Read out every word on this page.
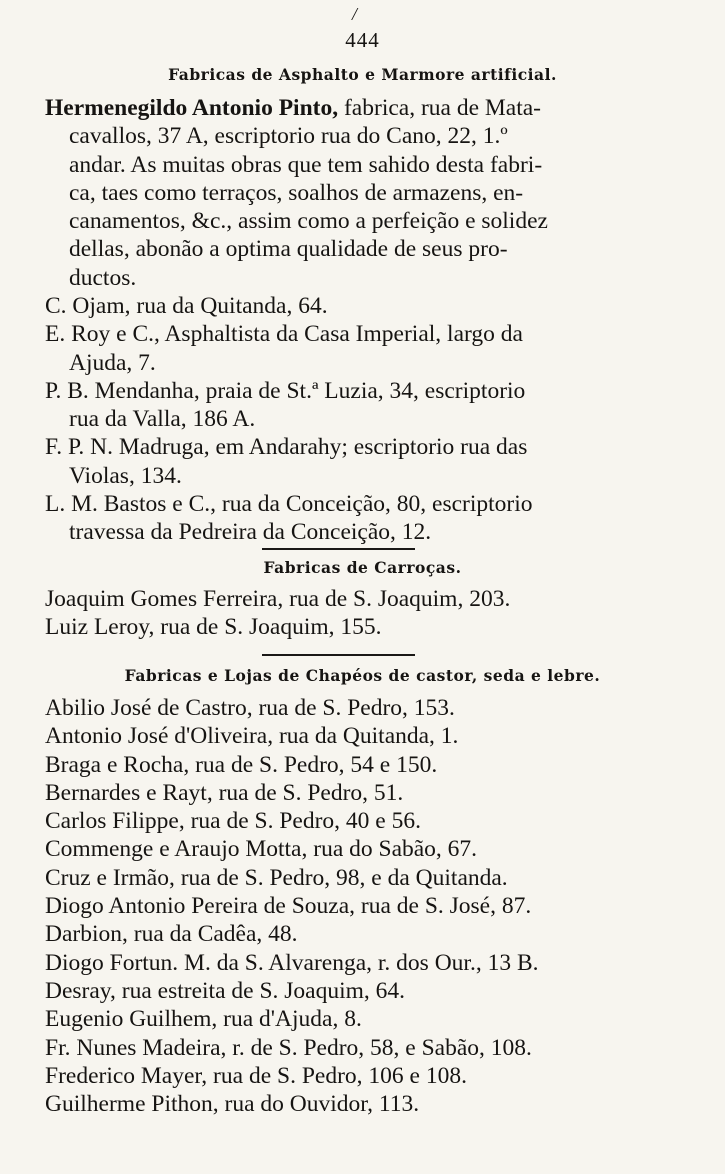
/
444
Fabricas de Asphalto e Marmore artificial.
Hermenegildo Antonio Pinto, fabrica, rua de Mata-
cavallos, 37 A, escriptorio rua do Cano, 22, 1.º
andar. As muitas obras que tem sahido desta fabri-
ca, taes como terraços, soalhos de armazens, en-
canamentos, &c., assim como a perfeição e solidez
dellas, abonão a optima qualidade de seus pro-
ductos.
C. Ojam, rua da Quitanda, 64.
E. Roy e C., Asphaltista da Casa Imperial, largo da
Ajuda, 7.
P. B. Mendanha, praia de St.ª Luzia, 34, escriptorio
rua da Valla, 186 A.
F. P. N. Madruga, em Andarahy; escriptorio rua das
Violas, 134.
L. M. Bastos e C., rua da Conceição, 80, escriptorio
travessa da Pedreira da Conceição, 12.
Fabricas de Carroças.
Joaquim Gomes Ferreira, rua de S. Joaquim, 203.
Luiz Leroy, rua de S. Joaquim, 155.
Fabricas e Lojas de Chapéos de castor, seda e lebre.
Abilio José de Castro, rua de S. Pedro, 153.
Antonio José d'Oliveira, rua da Quitanda, 1.
Braga e Rocha, rua de S. Pedro, 54 e 150.
Bernardes e Rayt, rua de S. Pedro, 51.
Carlos Filippe, rua de S. Pedro, 40 e 56.
Commenge e Araujo Motta, rua do Sabão, 67.
Cruz e Irmão, rua de S. Pedro, 98, e da Quitanda.
Diogo Antonio Pereira de Souza, rua de S. José, 87.
Darbion, rua da Cadêa, 48.
Diogo Fortun. M. da S. Alvarenga, r. dos Our., 13 B.
Desray, rua estreita de S. Joaquim, 64.
Eugenio Guilhem, rua d'Ajuda, 8.
Fr. Nunes Madeira, r. de S. Pedro, 58, e Sabão, 108.
Frederico Mayer, rua de S. Pedro, 106 e 108.
Guilherme Pithon, rua do Ouvidor, 113.
